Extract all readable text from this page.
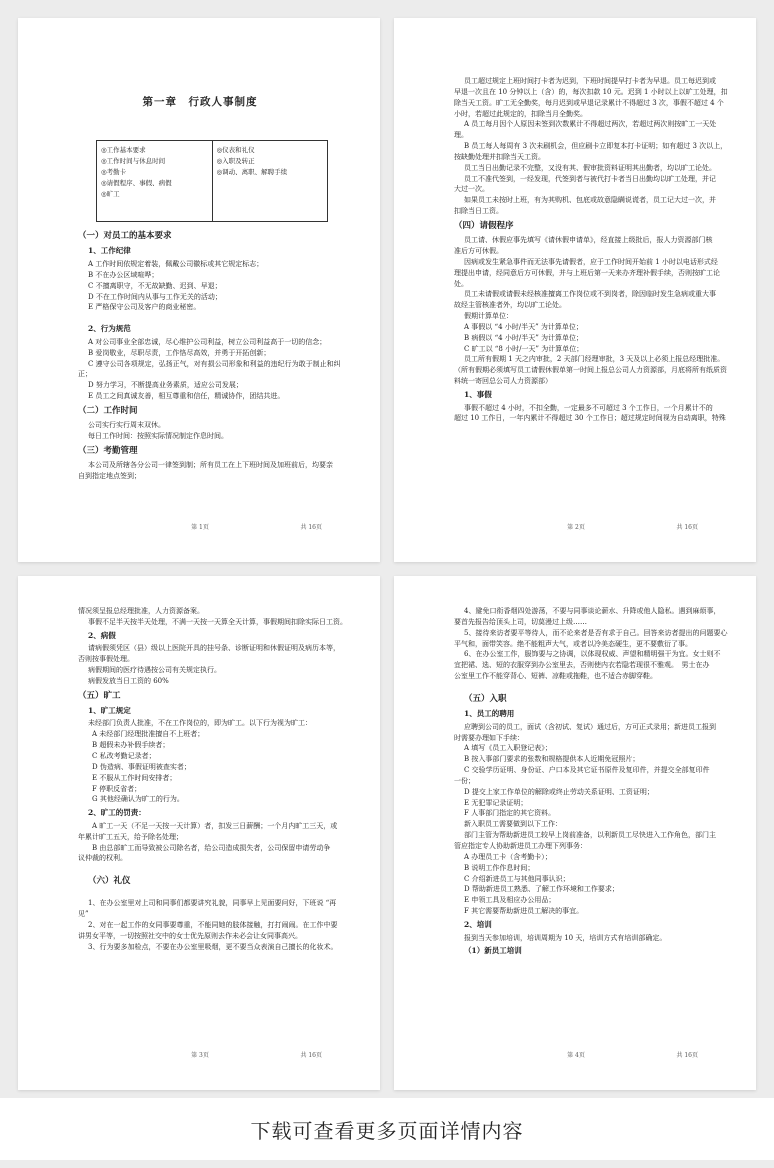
第一章　行政人事制度
◎工作基本要求
◎工作时间与休息时间
◎考勤卡
◎请假程序、事假、病假
◎旷工
◎仪表和礼仪
◎入职及转正
◎调动、离职、解聘手续
（一）对员工的基本要求
1、工作纪律
A 工作时间依规定着装，佩戴公司徽标或其它规定标志；
B 不在办公区域喧哗；
C 不擅离职守，不无故缺勤、迟到、早退；
D 不在工作时间内从事与工作无关的活动；
E 严格保守公司及客户的商业秘密。
2、行为规范
A 对公司事业全部忠诚，尽心维护公司利益，树立公司利益高于一切的信念；
B 爱岗敬业，尽职尽责，工作恪尽高效，并勇于开拓创新；
C 遵守公司各项规定，弘扬正气，对有损公司形象和利益的违纪行为敢于制止和纠
正；
D 努力学习，不断提高业务素质，适应公司发展；
E 员工之间真诚友善，相互尊重和信任，精诚协作，团结共进。
（二）工作时间
公司实行实行周末双休。
每日工作时间：按照实际情况制定作息时间。
（三）考勤管理
本公司及所辖各分公司一律签到制；所有员工在上下班时间及加班前后，均要亲
自到指定地点签到；
第 1页	共 16页
员工超过规定上班时间打卡者为迟到，下班时间提早打卡者为早退。员工每迟到或
早退一次且在 10 分钟以上（含）的，每次扣款 10 元。迟到 1 小时以上以旷工处理，扣
除当天工资。旷工无全勤奖，每月迟到或早退记录累计不得超过 3 次，事假不超过 4 个
小时，若超过此规定的，扣除当月全勤奖。
A 员工每月因个人原因未签到次数累计不得超过两次，若超过两次则按旷工一天处
理。
B 员工每人每周有 3 次未刷机会，但应刷卡立即复本打卡证明；如有超过 3 次以上，
按缺勤处理并扣除当天工资。
员工当日出勤记录不完整，又没有其、假审批资料证明其出勤者，均以旷工论处。
员工不准代签到，一经发现，代签到者与被代打卡者当日出勤均以旷工处理，并记
大过一次。
如果员工未按时上班，有为其购机、包底或故意隐瞒说谎者，员工记大过一次，并
扣除当日工资。
（四）请假程序
员工请、休假应事先填写《请休假申请单》，经直接上级批后，报人力资源部门核
准后方可休假。
因病或发生紧急事件而无法事先请假者，应于工作时间开始前 1 小时以电话形式经
理提出申请，经同意后方可休假，并与上班后第一天来办齐理补假手续，否则按旷工论
处。
员工未请假或请假未经核准擅离工作岗位或不到岗者，除因临时发生急病或重大事
故经主管核准者外，均以旷工论处。
假期计算单位：
A 事假以 “4 小时/半天” 为计算单位；
B 病假以 “4 小时/半天” 为计算单位；
C 旷工以 “8 小时/一天” 为计算单位；
员工所有假期 1 天之内审批，2 天部门经理审批，3 天及以上必须上报总经理批准。
（所有假期必须填写员工请假休假单第一时间上报总公司人力资源部，月底将所有纸质资
料统一寄回总公司人力资源部）
1、事假
事假不超过 4 小时，不扣全勤，一定最多不可超过 3 个工作日，一个月累计不的
超过 10 工作日，一年内累计不得超过 30 个工作日；超过规定时间视为自动离职，特殊
第 2页	共 16页
情况须呈报总经理批准，人力资源备案。
事假不足半天按半天处理，不满一天按一天算全天计算，事假期间扣除实际日工资。
2、病假
请病假须凭区（县）级以上医院开具的挂号条、诊断证明和休假证明及病历本等，
否则按事假处理。
病假期间的医疗待遇按公司有关规定执行。
病假发放当日工资的 60%
（五）旷工
1、旷工规定
未经部门负责人批准，不在工作岗位的，即为旷工。以下行为视为旷工：
A 未经部门经理批准擅自不上班者；
B 超假未办补假手续者；
C 私改考勤记录者；
D 伪造病、事假证明被查实者；
E 不服从工作时间安排者；
F 停职反省者；
G 其他经确认为旷工的行为。
2、旷工的罚责：
A 旷工一天（不足一天按一天计算）者，扣发三日薪酬；一个月内旷工三天，或
年累计旷工五天，给予除名处理；
B 由总部旷工而导致被公司除名者，给公司造成损失者，公司保留申请劳动争
议仲裁的权利。
（六）礼仪
1、在办公室里对上司和同事们都要讲究礼貌，同事早上见面要问好，下班说 “再
见”
2、对在一起工作的女同事要尊重，不能同她的肢体接触，打打闹闹。在工作中要
讲男女平等，一切按照社交中的女士优先原则去作未必会让女同事高兴。
3、行为要多加检点，不要在办公室里吸烟，更不要当众表演自己擅长的化妆术。
第 3页	共 16页
4、避免口衔香烟四处游荡，不要与同事谈论薪水、升降或他人隐私。遇到麻烦事，
要首先报告给顶头上司，切莫漫过上级……
5、接待来访者要平等待人，而不论来者是否有求于自己。回答来访者提出的问题要心
平气和，面带笑容。绝不能粗声大气，或者以冷美态硬生，更不要敷衍了事。
6、在办公室工作，服饰要与之协调，以体现权威、声望和精明强干为宜。女士则不
宜把裙、选、短的衣服穿到办公室里去，否则使内衣若隐若现很不雅观。　男士在办
公室里工作不能穿背心、短裤、凉鞋或拖鞋，也不适合赤脚穿鞋。
（五）入职
1、员工的聘用
应聘到公司的员工，面试（含初试、复试）通过后，方可正式录用；新进员工报到
时需要办理如下手续：
A 填写《员工入职登记表》；
B 按入事部门要求的张数和规格提供本人近期免冠照片；
C 交验学历证明、身份证、户口本及其它证书原件及复印件，并提交全部复印件
一份；
D 提交上家工作单位的解除或终止劳动关系证明、工资证明；
E 无犯罪记录证明；
F 人事部门指定的其它资料。
新入职员工需要做到以下工作：
部门主管为帮助新进员工较早上岗前准备，以利新员工尽快进入工作角色，部门主
管应指定专人协助新进员工办理下列事务：
A 办理员工卡（含考勤卡）；
B 说明工作作息时间；
C 介绍新进员工与其他同事认识；
D 帮助新进员工熟悉、了解工作环境和工作要求；
E 申领工具及相应办公用品；
F 其它需要帮助新进员工解决的事宜。
2、培训
报到当天参加培训，培训周期为 10 天，培训方式有培训部确定。
（1）新员工培训
第 4页	共 16页
下载可查看更多页面详情内容
